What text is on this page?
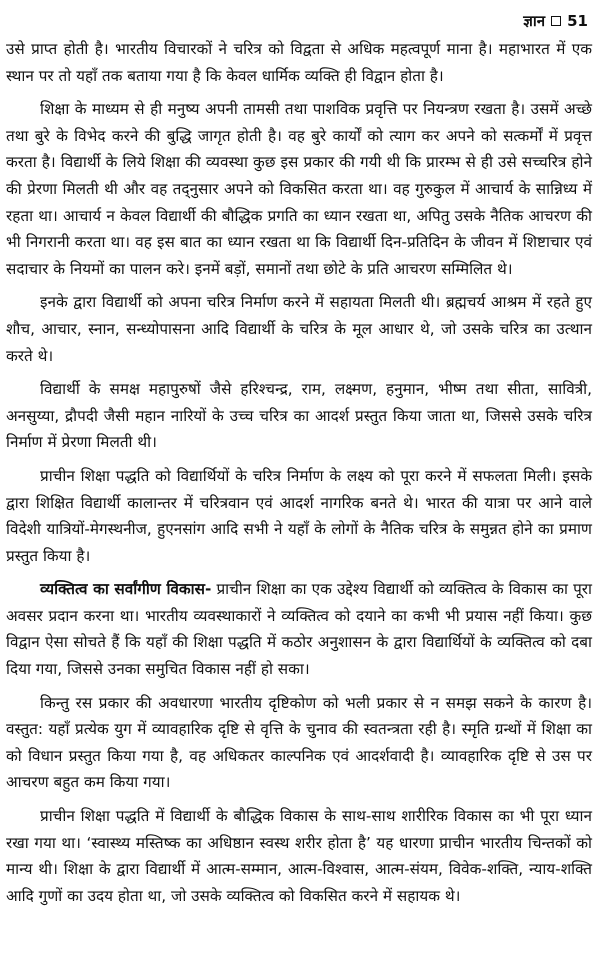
ज्ञान 51

उसे प्राप्त होती है। भारतीय विचारकों ने चरित्र को विद्वता से अधिक महत्वपूर्ण माना है। महाभारत में एक स्थान पर तो यहाँ तक बताया गया है कि केवल धार्मिक व्यक्ति ही विद्वान होता है।

शिक्षा के माध्यम से ही मनुष्य अपनी तामसी तथा पाशविक प्रवृत्ति पर नियन्त्रण रखता है। उसमें अच्छे तथा बुरे के विभेद करने की बुद्धि जागृत होती है। वह बुरे कार्यों को त्याग कर अपने को सत्कर्मों में प्रवृत्त करता है। विद्यार्थी के लिये शिक्षा की व्यवस्था कुछ इस प्रकार की गयी थी कि प्रारम्भ से ही उसे सच्चरित्र होने की प्रेरणा मिलती थी और वह तद्नुसार अपने को विकसित करता था। वह गुरुकुल में आचार्य के सान्निध्य में रहता था। आचार्य न केवल विद्यार्थी की बौद्धिक प्रगति का ध्यान रखता था, अपितु उसके नैतिक आचरण की भी निगरानी करता था। वह इस बात का ध्यान रखता था कि विद्यार्थी दिन-प्रतिदिन के जीवन में शिष्टाचार एवं सदाचार के नियमों का पालन करे। इनमें बड़ों, समानों तथा छोटे के प्रति आचरण सम्मिलित थे।

इनके द्वारा विद्यार्थी को अपना चरित्र निर्माण करने में सहायता मिलती थी। ब्रह्मचर्य आश्रम में रहते हुए शौच, आचार, स्नान, सन्ध्योपासना आदि विद्यार्थी के चरित्र के मूल आधार थे, जो उसके चरित्र का उत्थान करते थे।

विद्यार्थी के समक्ष महापुरुषों जैसे हरिश्चन्द्र, राम, लक्ष्मण, हनुमान, भीष्म तथा सीता, सावित्री, अनसुय्या, द्रौपदी जैसी महान नारियों के उच्च चरित्र का आदर्श प्रस्तुत किया जाता था, जिससे उसके चरित्र निर्माण में प्रेरणा मिलती थी।

प्राचीन शिक्षा पद्धति को विद्यार्थियों के चरित्र निर्माण के लक्ष्य को पूरा करने में सफलता मिली। इसके द्वारा शिक्षित विद्यार्थी कालान्तर में चरित्रवान एवं आदर्श नागरिक बनते थे। भारत की यात्रा पर आने वाले विदेशी यात्रियों-मेगस्थनीज, हुएनसांग आदि सभी ने यहाँ के लोगों के नैतिक चरित्र के समुन्नत होने का प्रमाण प्रस्तुत किया है।

व्यक्तित्व का सर्वांगीण विकास- प्राचीन शिक्षा का एक उद्देश्य विद्यार्थी को व्यक्तित्व के विकास का पूरा अवसर प्रदान करना था। भारतीय व्यवस्थाकारों ने व्यक्तित्व को दयाने का कभी भी प्रयास नहीं किया। कुछ विद्वान ऐसा सोचते हैं कि यहाँ की शिक्षा पद्धति में कठोर अनुशासन के द्वारा विद्यार्थियों के व्यक्तित्व को दबा दिया गया, जिससे उनका समुचित विकास नहीं हो सका।

किन्तु रस प्रकार की अवधारणा भारतीय दृष्टिकोण को भली प्रकार से न समझ सकने के कारण है। वस्तुत: यहाँ प्रत्येक युग में व्यावहारिक दृष्टि से वृत्ति के चुनाव की स्वतन्त्रता रही है। स्मृति ग्रन्थों में शिक्षा का को विधान प्रस्तुत किया गया है, वह अधिकतर काल्पनिक एवं आदर्शवादी है। व्यावहारिक दृष्टि से उस पर आचरण बहुत कम किया गया।

प्राचीन शिक्षा पद्धति में विद्यार्थी के बौद्धिक विकास के साथ-साथ शारीरिक विकास का भी पूरा ध्यान रखा गया था। ‘स्वास्थ्य मस्तिष्क का अधिष्ठान स्वस्थ शरीर होता है’ यह धारणा प्राचीन भारतीय चिन्तकों को मान्य थी। शिक्षा के द्वारा विद्यार्थी में आत्म-सम्मान, आत्म-विश्वास, आत्म-संयम, विवेक-शक्ति, न्याय-शक्ति आदि गुणों का उदय होता था, जो उसके व्यक्तित्व को विकसित करने में सहायक थे।
